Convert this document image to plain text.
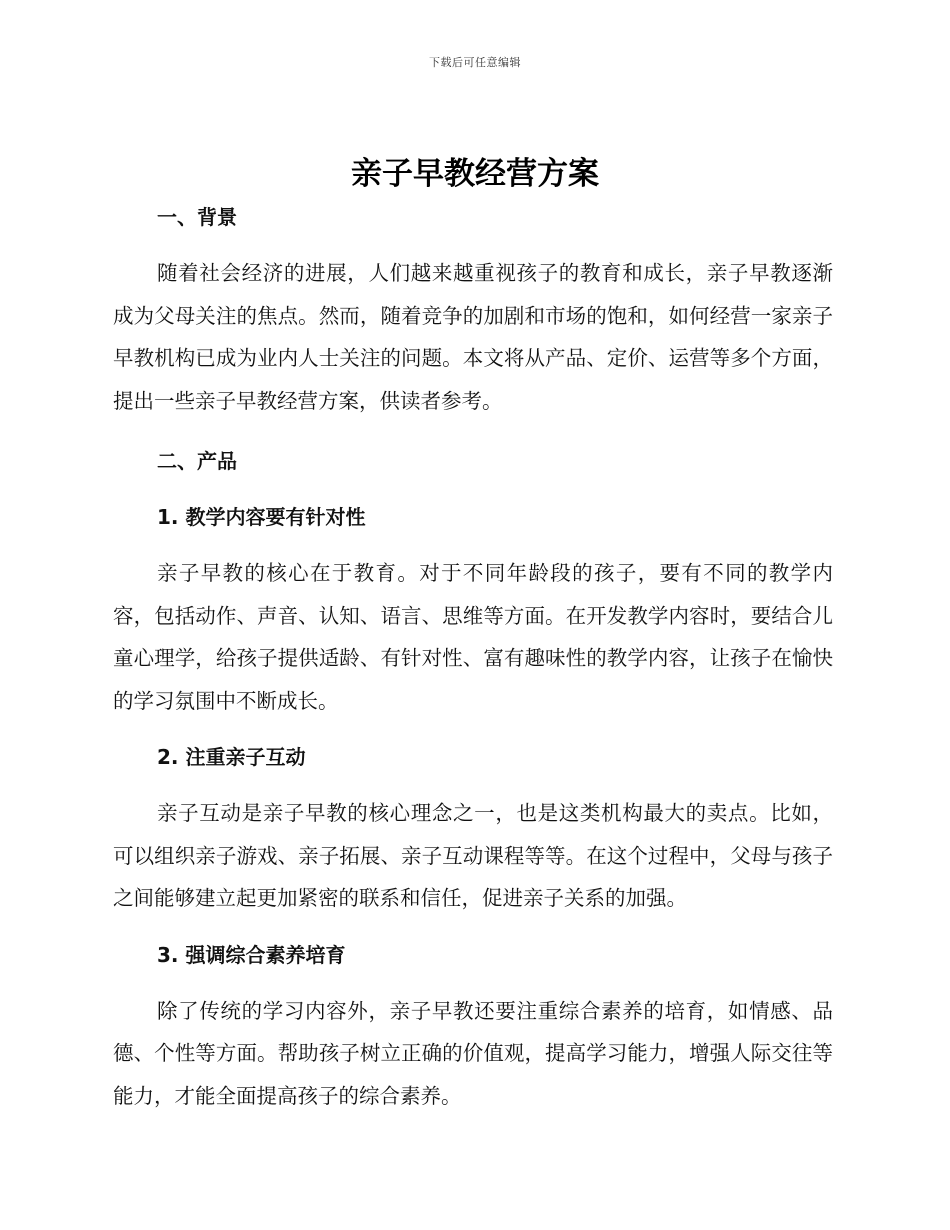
下载后可任意编辑
亲子早教经营方案

一、背景

随着社会经济的进展，人们越来越重视孩子的教育和成长，亲子早教逐渐成为父母关注的焦点。然而，随着竞争的加剧和市场的饱和，如何经营一家亲子早教机构已成为业内人士关注的问题。本文将从产品、定价、运营等多个方面，提出一些亲子早教经营方案，供读者参考。

二、产品

1. 教学内容要有针对性

亲子早教的核心在于教育。对于不同年龄段的孩子，要有不同的教学内容，包括动作、声音、认知、语言、思维等方面。在开发教学内容时，要结合儿童心理学，给孩子提供适龄、有针对性、富有趣味性的教学内容，让孩子在愉快的学习氛围中不断成长。

2. 注重亲子互动

亲子互动是亲子早教的核心理念之一，也是这类机构最大的卖点。比如，可以组织亲子游戏、亲子拓展、亲子互动课程等等。在这个过程中，父母与孩子之间能够建立起更加紧密的联系和信任，促进亲子关系的加强。

3. 强调综合素养培育

除了传统的学习内容外，亲子早教还要注重综合素养的培育，如情感、品德、个性等方面。帮助孩子树立正确的价值观，提高学习能力，增强人际交往等能力，才能全面提高孩子的综合素养。
